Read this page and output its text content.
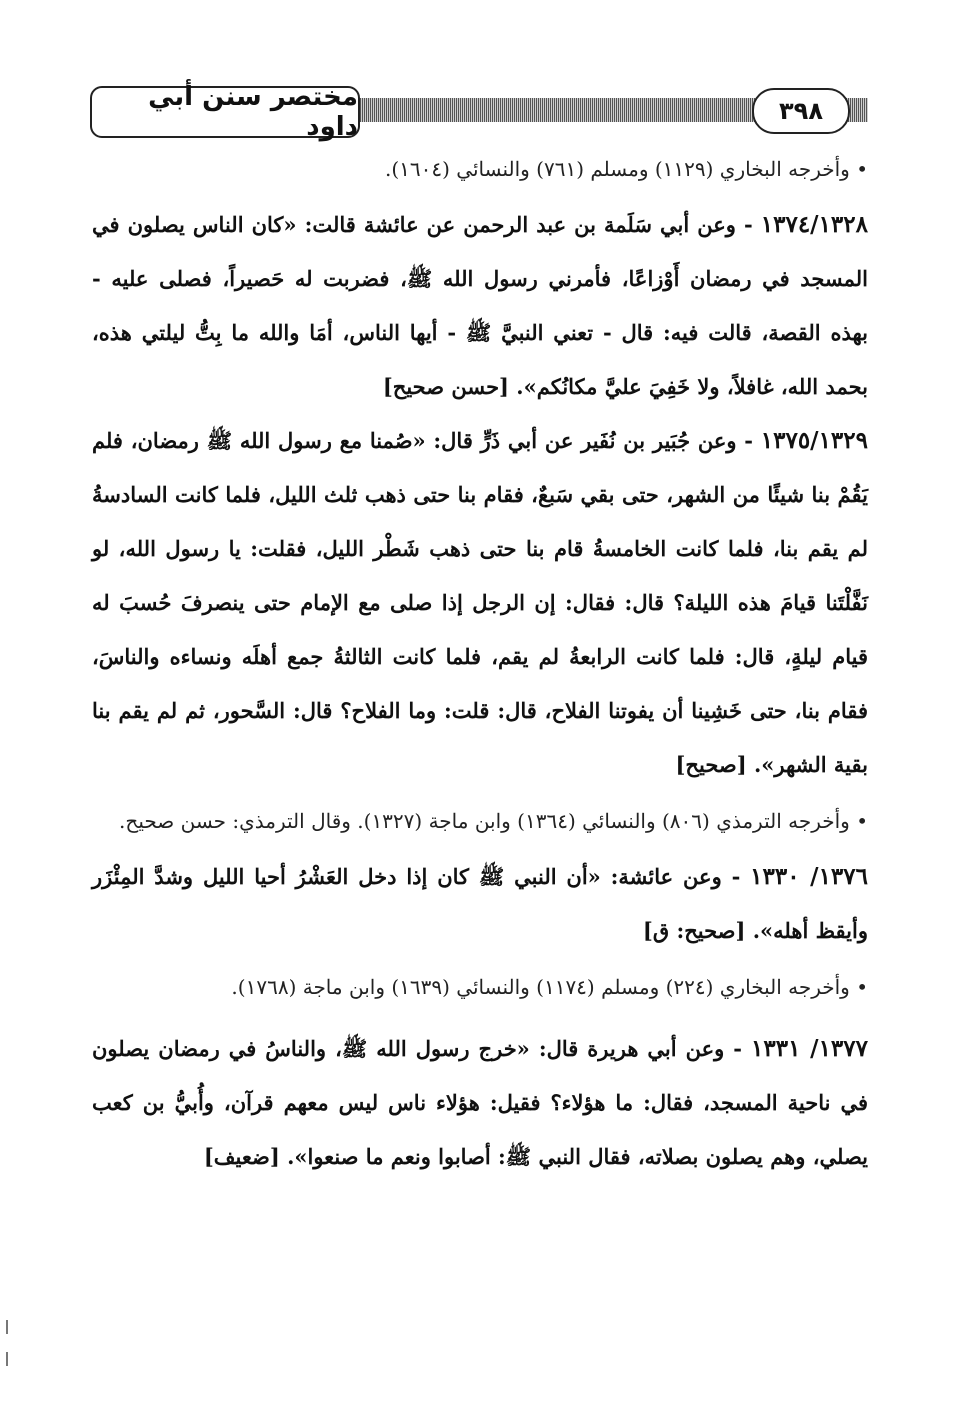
مختصر سنن أبي داود
٣٩٨

• وأخرجه البخاري (١١٢٩) ومسلم (٧٦١) والنسائي (١٦٠٤).

١٣٧٤/١٣٢٨ - وعن أبي سَلَمة بن عبد الرحمن عن عائشة قالت: «كان الناس يصلون في المسجد في رمضان أَوْزاعًا، فأمرني رسول الله ﷺ، فضربت له حَصيراً، فصلى عليه - بهذه القصة، قالت فيه: قال - تعني النبيَّ ﷺ - أيها الناس، أمَا والله ما بِتُّ ليلتي هذه، بحمد الله، غافلاً، ولا خَفِيَ عليَّ مكانُكم». [حسن صحيح]

١٣٧٥/١٣٢٩ - وعن جُبَير بن نُفَير عن أبي ذَرٍّ قال: «صُمنا مع رسول الله ﷺ رمضان، فلم يَقُمْ بنا شيئًا من الشهر، حتى بقي سَبعٌ، فقام بنا حتى ذهب ثلث الليل، فلما كانت السادسةُ لم يقم بنا، فلما كانت الخامسةُ قام بنا حتى ذهب شَطْر الليل، فقلت: يا رسول الله، لو نَفَّلْتَنا قيامَ هذه الليلة؟ قال: فقال: إن الرجل إذا صلى مع الإمام حتى ينصرفَ حُسبَ له قيام ليلةٍ، قال: فلما كانت الرابعةُ لم يقم، فلما كانت الثالثةُ جمع أهلَه ونساءه والناسَ، فقام بنا، حتى خَشِينا أن يفوتنا الفلاح، قال: قلت: وما الفلاح؟ قال: السَّحور، ثم لم يقم بنا بقية الشهر». [صحيح]

• وأخرجه الترمذي (٨٠٦) والنسائي (١٣٦٤) وابن ماجة (١٣٢٧). وقال الترمذي: حسن صحيح.

١٣٧٦/ ١٣٣٠ - وعن عائشة: «أن النبي ﷺ كان إذا دخل العَشْرُ أحيا الليل وشدَّ المِئْزَر وأيقظ أهله». [صحيح: ق]

• وأخرجه البخاري (٢٢٤) ومسلم (١١٧٤) والنسائي (١٦٣٩) وابن ماجة (١٧٦٨).

١٣٧٧/ ١٣٣١ - وعن أبي هريرة قال: «خرج رسول الله ﷺ، والناسُ في رمضان يصلون في ناحية المسجد، فقال: ما هؤلاء؟ فقيل: هؤلاء ناس ليس معهم قرآن، وأُبيُّ بن كعب يصلي، وهم يصلون بصلاته، فقال النبي ﷺ: أصابوا ونعم ما صنعوا». [ضعيف]
